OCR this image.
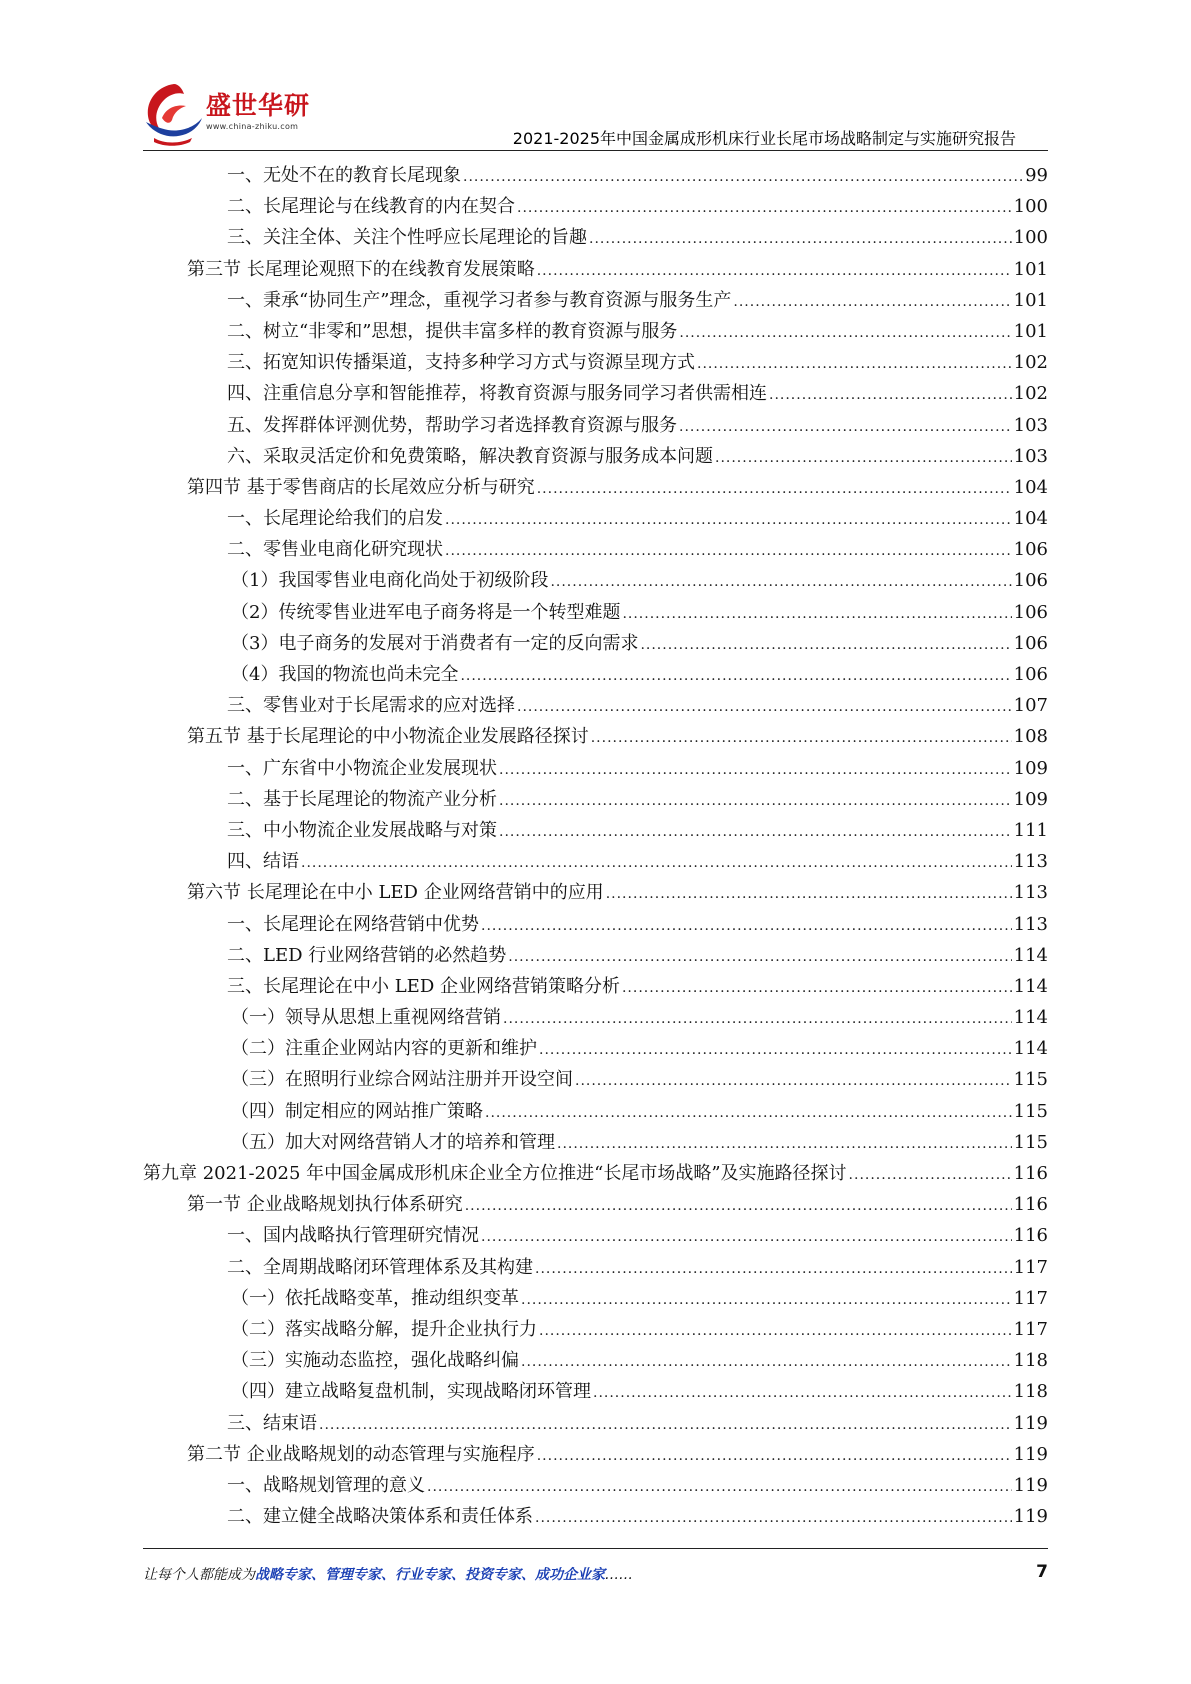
盛世华研
www.china-zhiku.com
2021-2025年中国金属成形机床行业长尾市场战略制定与实施研究报告
一、无处不在的教育长尾现象 .....	99
二、长尾理论与在线教育的内在契合 .....	100
三、关注全体、关注个性呼应长尾理论的旨趣 .....	100
第三节 长尾理论观照下的在线教育发展策略 .....	101
一、秉承“协同生产”理念，重视学习者参与教育资源与服务生产 .....	101
二、树立“非零和”思想，提供丰富多样的教育资源与服务 .....	101
三、拓宽知识传播渠道，支持多种学习方式与资源呈现方式 .....	102
四、注重信息分享和智能推荐，将教育资源与服务同学习者供需相连 .....	102
五、发挥群体评测优势，帮助学习者选择教育资源与服务 .....	103
六、采取灵活定价和免费策略，解决教育资源与服务成本问题 .....	103
第四节 基于零售商店的长尾效应分析与研究 .....	104
一、长尾理论给我们的启发 .....	104
二、零售业电商化研究现状 .....	106
（1）我国零售业电商化尚处于初级阶段 .....	106
（2）传统零售业进军电子商务将是一个转型难题 .....	106
（3）电子商务的发展对于消费者有一定的反向需求 .....	106
（4）我国的物流也尚未完全 .....	106
三、零售业对于长尾需求的应对选择 .....	107
第五节 基于长尾理论的中小物流企业发展路径探讨 .....	108
一、广东省中小物流企业发展现状 .....	109
二、基于长尾理论的物流产业分析 .....	109
三、中小物流企业发展战略与对策 .....	111
四、结语 .....	113
第六节 长尾理论在中小 LED 企业网络营销中的应用 .....	113
一、长尾理论在网络营销中优势 .....	113
二、LED 行业网络营销的必然趋势 .....	114
三、长尾理论在中小 LED 企业网络营销策略分析 .....	114
（一）领导从思想上重视网络营销 .....	114
（二）注重企业网站内容的更新和维护 .....	114
（三）在照明行业综合网站注册并开设空间 .....	115
（四）制定相应的网站推广策略 .....	115
（五）加大对网络营销人才的培养和管理 .....	115
第九章 2021-2025 年中国金属成形机床企业全方位推进“长尾市场战略”及实施路径探讨 .....	116
第一节 企业战略规划执行体系研究 .....	116
一、国内战略执行管理研究情况 .....	116
二、全周期战略闭环管理体系及其构建 .....	117
（一）依托战略变革，推动组织变革 .....	117
（二）落实战略分解，提升企业执行力 .....	117
（三）实施动态监控，强化战略纠偏 .....	118
（四）建立战略复盘机制，实现战略闭环管理 .....	118
三、结束语 .....	119
第二节 企业战略规划的动态管理与实施程序 .....	119
一、战略规划管理的意义 .....	119
二、建立健全战略决策体系和责任体系 .....	119
让每个人都能成为战略专家、管理专家、行业专家、投资专家、成功企业家……	7
